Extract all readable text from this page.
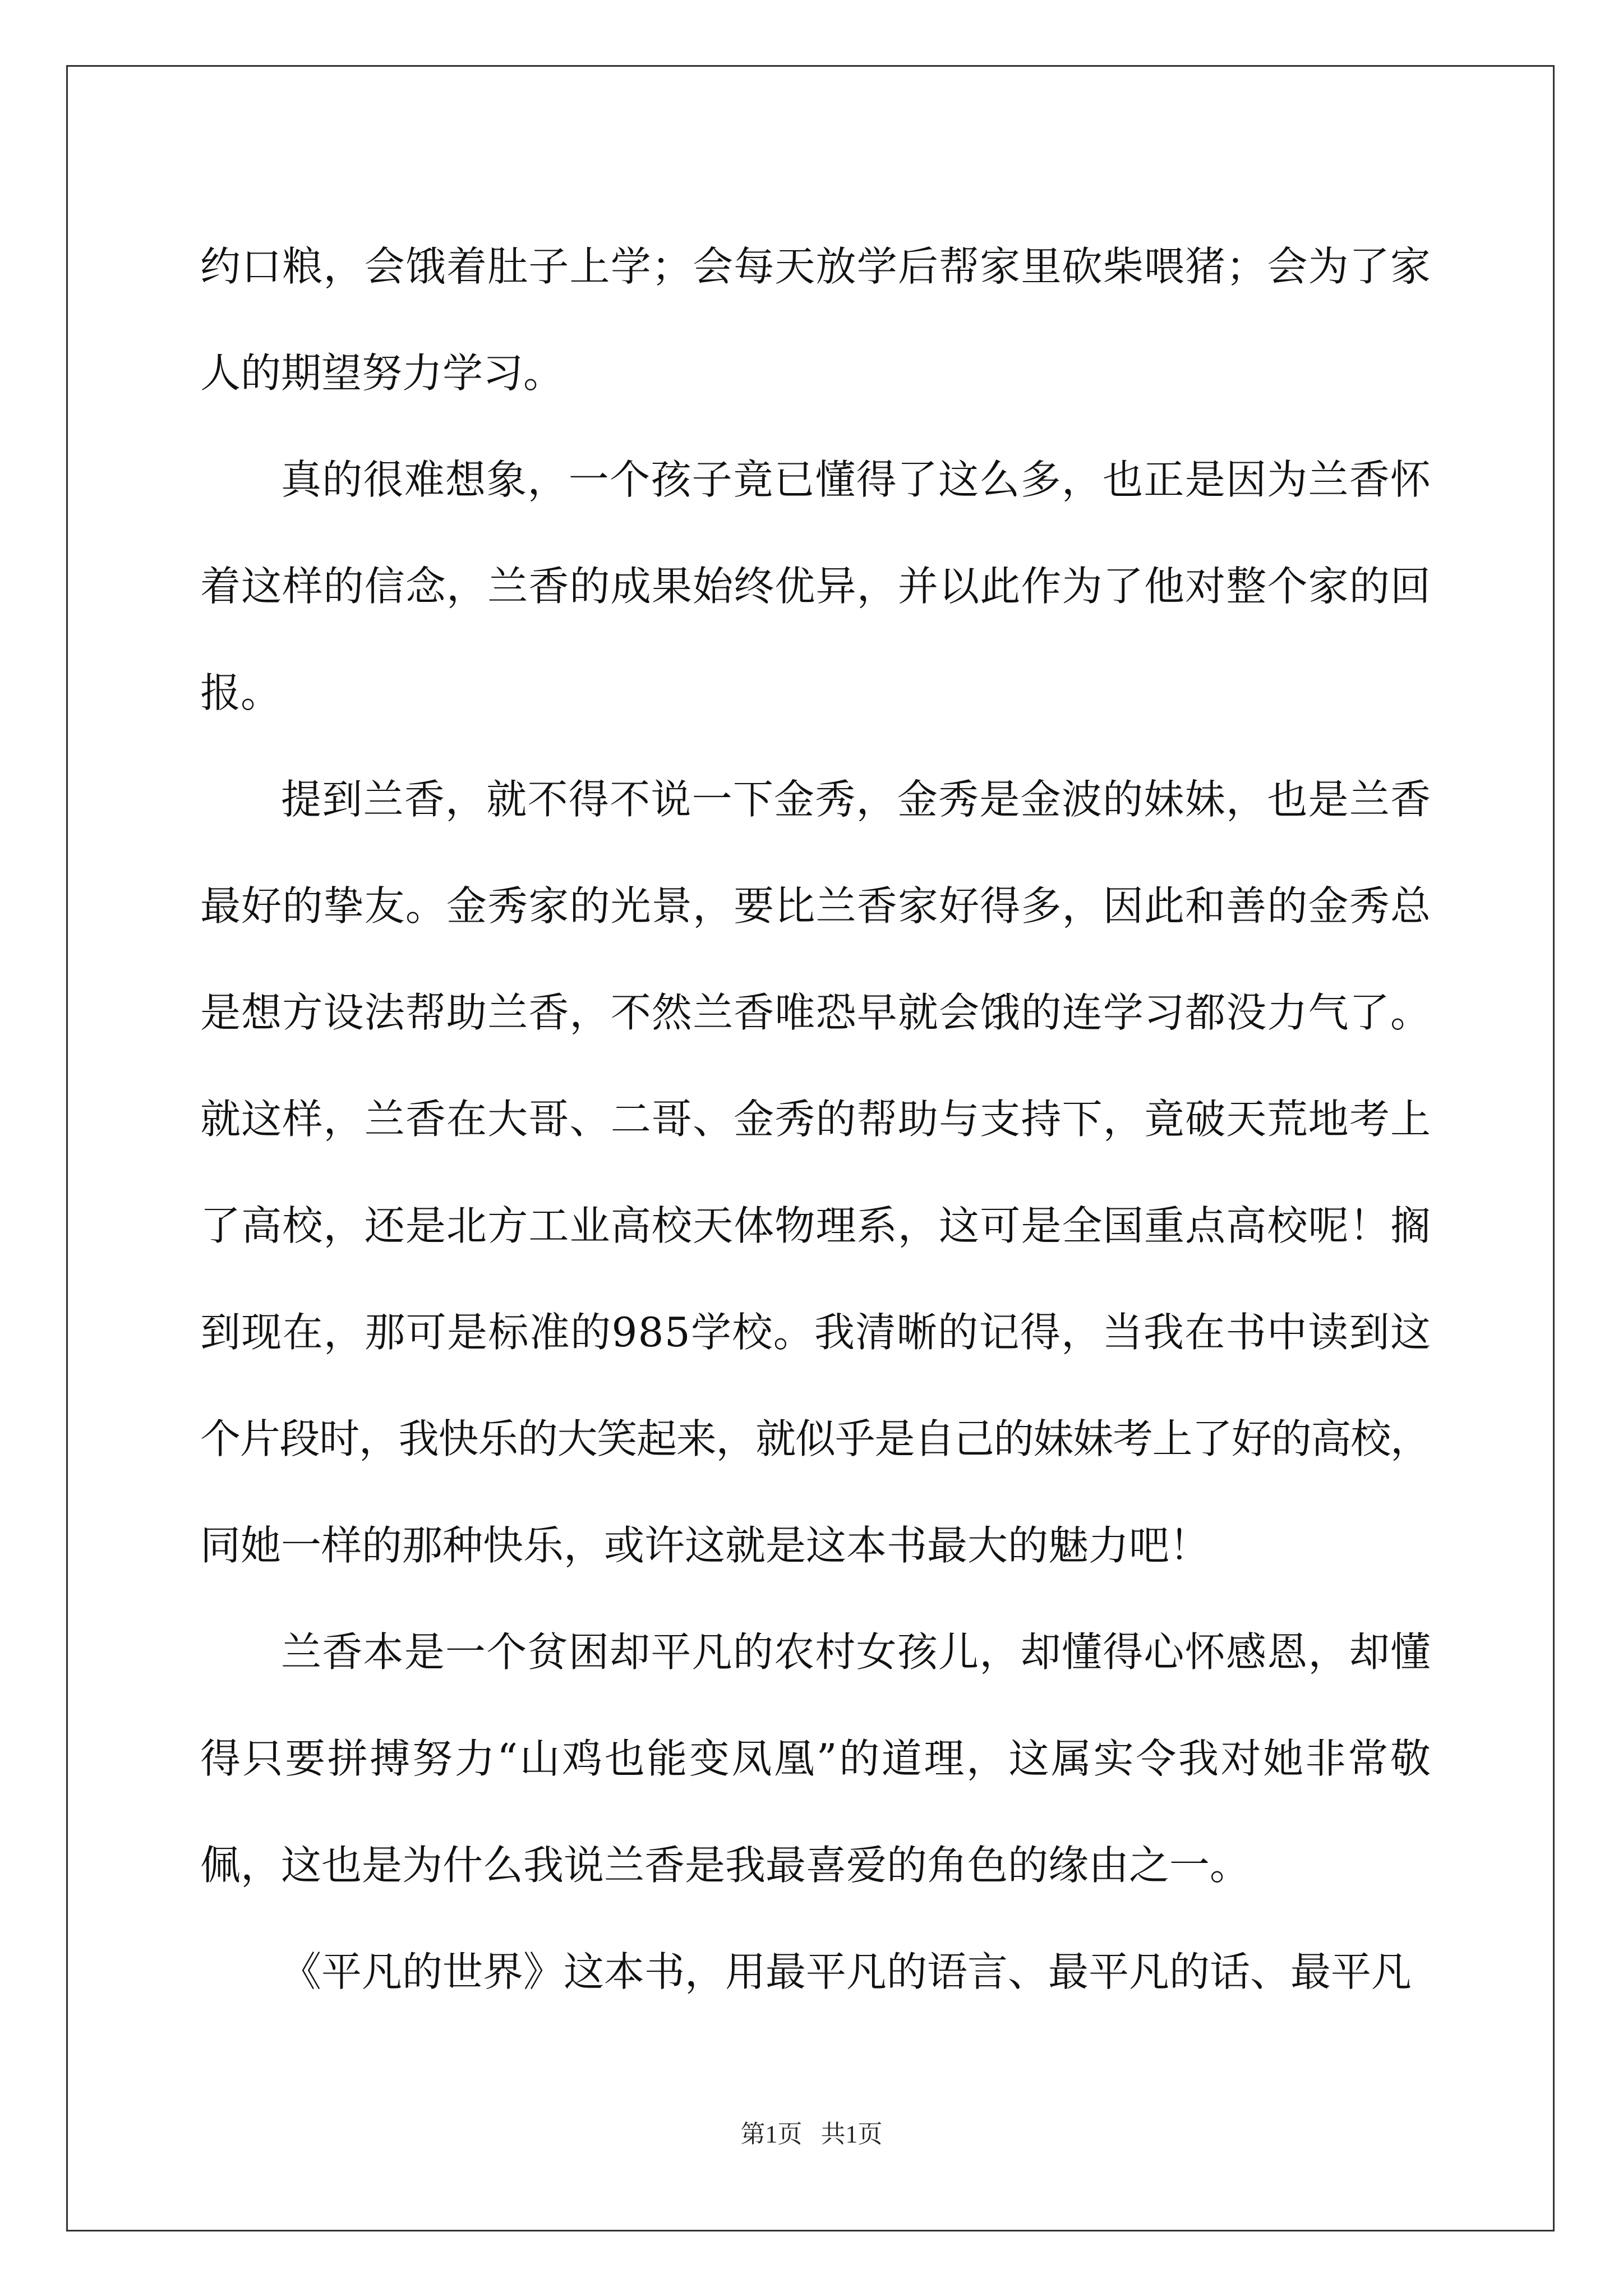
约口粮，会饿着肚子上学；会每天放学后帮家里砍柴喂猪；会为了家
人的期望努力学习。
真的很难想象，一个孩子竟已懂得了这么多，也正是因为兰香怀
着这样的信念，兰香的成果始终优异，并以此作为了他对整个家的回
报。
提到兰香，就不得不说一下金秀，金秀是金波的妹妹，也是兰香
最好的挚友。金秀家的光景，要比兰香家好得多，因此和善的金秀总
是想方设法帮助兰香，不然兰香唯恐早就会饿的连学习都没力气了。
就这样，兰香在大哥、二哥、金秀的帮助与支持下，竟破天荒地考上
了高校，还是北方工业高校天体物理系，这可是全国重点高校呢！搁
到现在，那可是标准的985学校。我清晰的记得，当我在书中读到这
个片段时，我快乐的大笑起来，就似乎是自己的妹妹考上了好的高校，
同她一样的那种快乐，或许这就是这本书最大的魅力吧！
兰香本是一个贫困却平凡的农村女孩儿，却懂得心怀感恩，却懂
得只要拼搏努力“山鸡也能变凤凰”的道理，这属实令我对她非常敬
佩，这也是为什么我说兰香是我最喜爱的角色的缘由之一。
《平凡的世界》这本书，用最平凡的语言、最平凡的话、最平凡
第1页   共1页
